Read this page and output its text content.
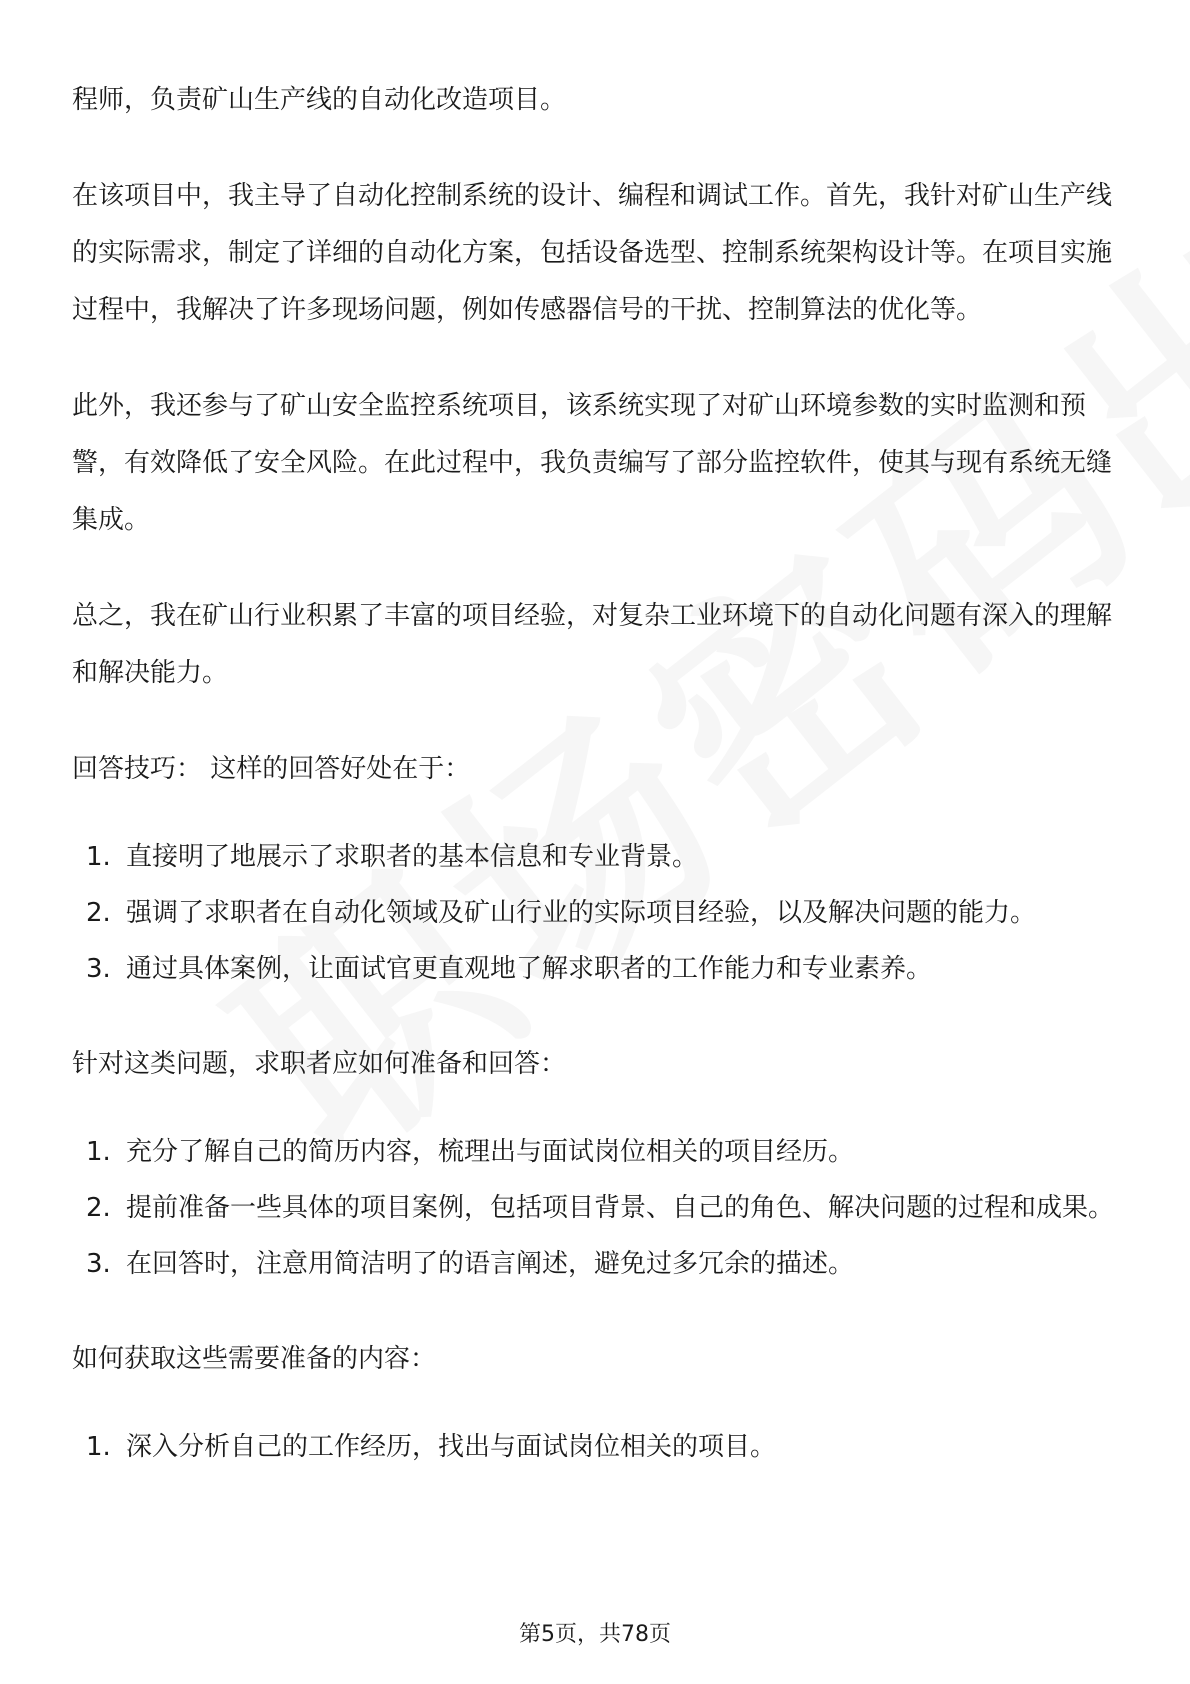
程师，负责矿山生产线的自动化改造项目。

在该项目中，我主导了自动化控制系统的设计、编程和调试工作。首先，我针对矿山生产线的实际需求，制定了详细的自动化方案，包括设备选型、控制系统架构设计等。在项目实施过程中，我解决了许多现场问题，例如传感器信号的干扰、控制算法的优化等。

此外，我还参与了矿山安全监控系统项目，该系统实现了对矿山环境参数的实时监测和预警，有效降低了安全风险。在此过程中，我负责编写了部分监控软件，使其与现有系统无缝集成。

总之，我在矿山行业积累了丰富的项目经验，对复杂工业环境下的自动化问题有深入的理解和解决能力。

回答技巧： 这样的回答好处在于：

1. 直接明了地展示了求职者的基本信息和专业背景。
2. 强调了求职者在自动化领域及矿山行业的实际项目经验，以及解决问题的能力。
3. 通过具体案例，让面试官更直观地了解求职者的工作能力和专业素养。

针对这类问题，求职者应如何准备和回答：

1. 充分了解自己的简历内容，梳理出与面试岗位相关的项目经历。
2. 提前准备一些具体的项目案例，包括项目背景、自己的角色、解决问题的过程和成果。
3. 在回答时，注意用简洁明了的语言阐述，避免过多冗余的描述。

如何获取这些需要准备的内容：

1. 深入分析自己的工作经历，找出与面试岗位相关的项目。
第5页，共78页
